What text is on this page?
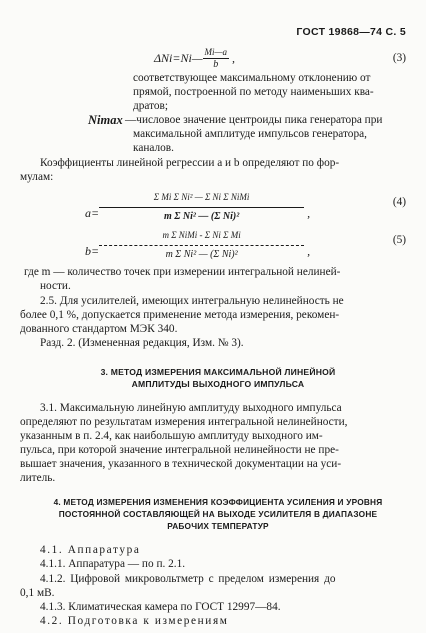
ГОСТ 19868—74 С. 5
ΔNi=Ni— $\frac{Mi—a}{b}$ ,	(3)
соответствующее максимальному отклонению от
прямой, построенной по методу наименьших ква-
дратов;
Nimax —числовое значение центроиды пика генератора при
максимальной амплитуде импульсов генератора,
каналов.
Коэффициенты линейной регрессии a и b определяют по фор-
мулам:
$a= \frac{\text{Σ Mi Σ Ni² — Σ Ni Σ NiMi}}{\text{m Σ Ni² — (Σ Ni)²}}$ ,
(4)
$b= \frac{\text{m Σ NiMi - Σ Ni Σ Mi}}{\text{m Σ Ni² — (Σ Ni)²}}$ ,
(5)
где m — количество точек при измерении интегральной нелиней-
ности.
2.5. Для усилителей, имеющих интегральную нелинейность не
более 0,1 %, допускается применение метода измерения, рекомен-
дованного стандартом МЭК 340.
Разд. 2. (Измененная редакция, Изм. № 3).
3. МЕТОД ИЗМЕРЕНИЯ МАКСИМАЛЬНОЙ ЛИНЕЙНОЙ
АМПЛИТУДЫ ВЫХОДНОГО ИМПУЛЬСА
3.1. Максимальную линейную амплитуду выходного импульса
определяют по результатам измерения интегральной нелинейности,
указанным в п. 2.4, как наибольшую амплитуду выходного им-
пульса, при которой значение интегральной нелинейности не пре-
вышает значения, указанного в технической документации на уси-
литель.
4. МЕТОД ИЗМЕРЕНИЯ ИЗМЕНЕНИЯ КОЭФФИЦИЕНТА УСИЛЕНИЯ И УРОВНЯ
ПОСТОЯННОЙ СОСТАВЛЯЮЩЕЙ НА ВЫХОДЕ УСИЛИТЕЛЯ В ДИАПАЗОНЕ
РАБОЧИХ ТЕМПЕРАТУР
4.1. Аппаратура
4.1.1. Аппаратура — по п. 2.1.
4.1.2. Цифровой микровольтметр с пределом измерения до
0,1 мВ.
4.1.3. Климатическая камера по ГОСТ 12997—84.
4.2. Подготовка к измерениям
